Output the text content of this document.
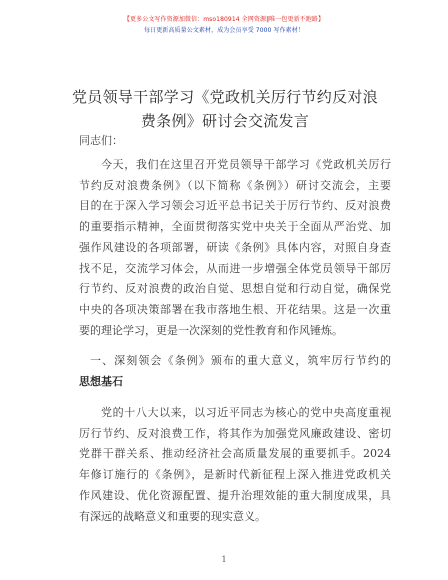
【更多公文写作资源加微信：mso180914 全网资源‖唯一包更新不跑路】
每日更新高质量公文素材，成为会员享受 7000 写作素材！
党员领导干部学习《党政机关厉行节约反对浪
费条例》研讨会交流发言
同志们：
今天，我们在这里召开党员领导干部学习《党政机关厉行
节约反对浪费条例》（以下简称《条例》）研讨交流会，主要
目的在于深入学习领会习近平总书记关于厉行节约、反对浪费
的重要指示精神，全面贯彻落实党中央关于全面从严治党、加
强作风建设的各项部署，研读《条例》具体内容，对照自身查
找不足，交流学习体会，从而进一步增强全体党员领导干部厉
行节约、反对浪费的政治自觉、思想自觉和行动自觉，确保党
中央的各项决策部署在我市落地生根、开花结果。这是一次重
要的理论学习，更是一次深刻的党性教育和作风锤炼。
一、深刻领会《条例》颁布的重大意义，筑牢厉行节约的
思想基石
党的十八大以来，以习近平同志为核心的党中央高度重视
厉行节约、反对浪费工作，将其作为加强党风廉政建设、密切
党群干群关系、推动经济社会高质量发展的重要抓手。2024
年修订施行的《条例》，是新时代新征程上深入推进党政机关
作风建设、优化资源配置、提升治理效能的重大制度成果，具
有深远的战略意义和重要的现实意义。
1
